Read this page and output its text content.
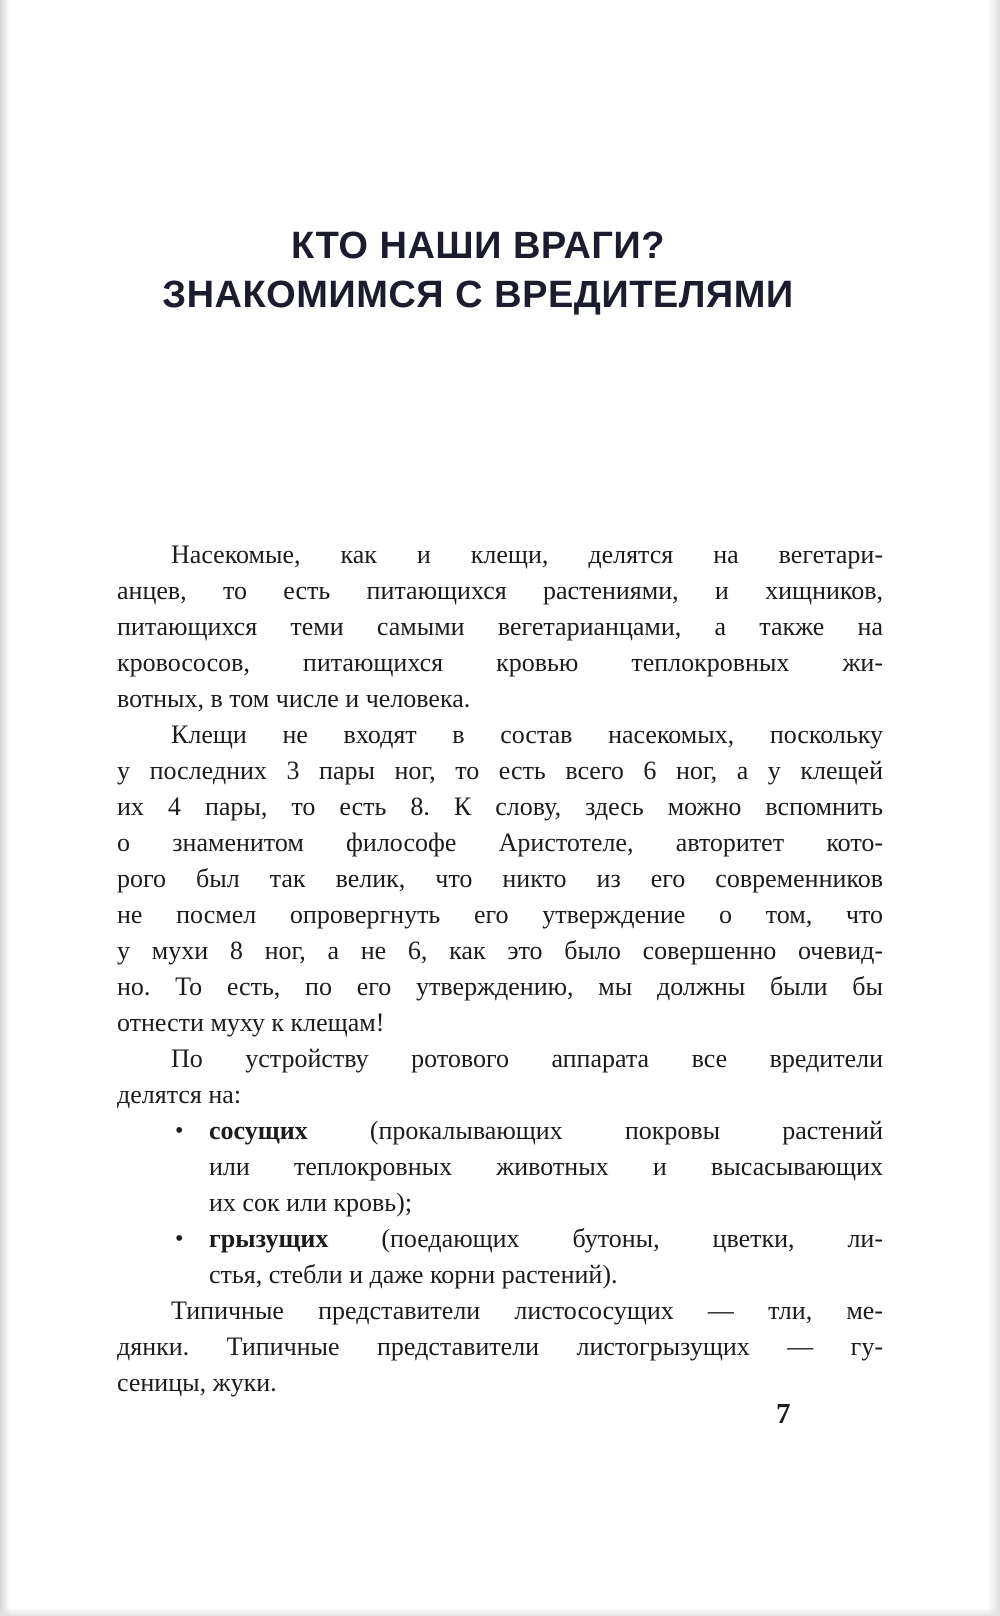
КТО НАШИ ВРАГИ?
ЗНАКОМИМСЯ С ВРЕДИТЕЛЯМИ
Насекомые, как и клещи, делятся на вегетари-
анцев, то есть питающихся растениями, и хищников,
питающихся теми самыми вегетарианцами, а также на
кровососов, питающихся кровью теплокровных жи-
вотных, в том числе и человека.
Клещи не входят в состав насекомых, поскольку
у последних 3 пары ног, то есть всего 6 ног, а у клещей
их 4 пары, то есть 8. К слову, здесь можно вспомнить
о знаменитом философе Аристотеле, авторитет кото-
рого был так велик, что никто из его современников
не посмел опровергнуть его утверждение о том, что
у мухи 8 ног, а не 6, как это было совершенно очевид-
но. То есть, по его утверждению, мы должны были бы
отнести муху к клещам!
По устройству ротового аппарата все вредители
делятся на:
• сосущих (прокалывающих покровы растений
или теплокровных животных и высасывающих
их сок или кровь);
• грызущих (поедающих бутоны, цветки, ли-
стья, стебли и даже корни растений).
Типичные представители листососущих — тли, ме-
дянки. Типичные представители листогрызущих — гу-
сеницы, жуки.
7
